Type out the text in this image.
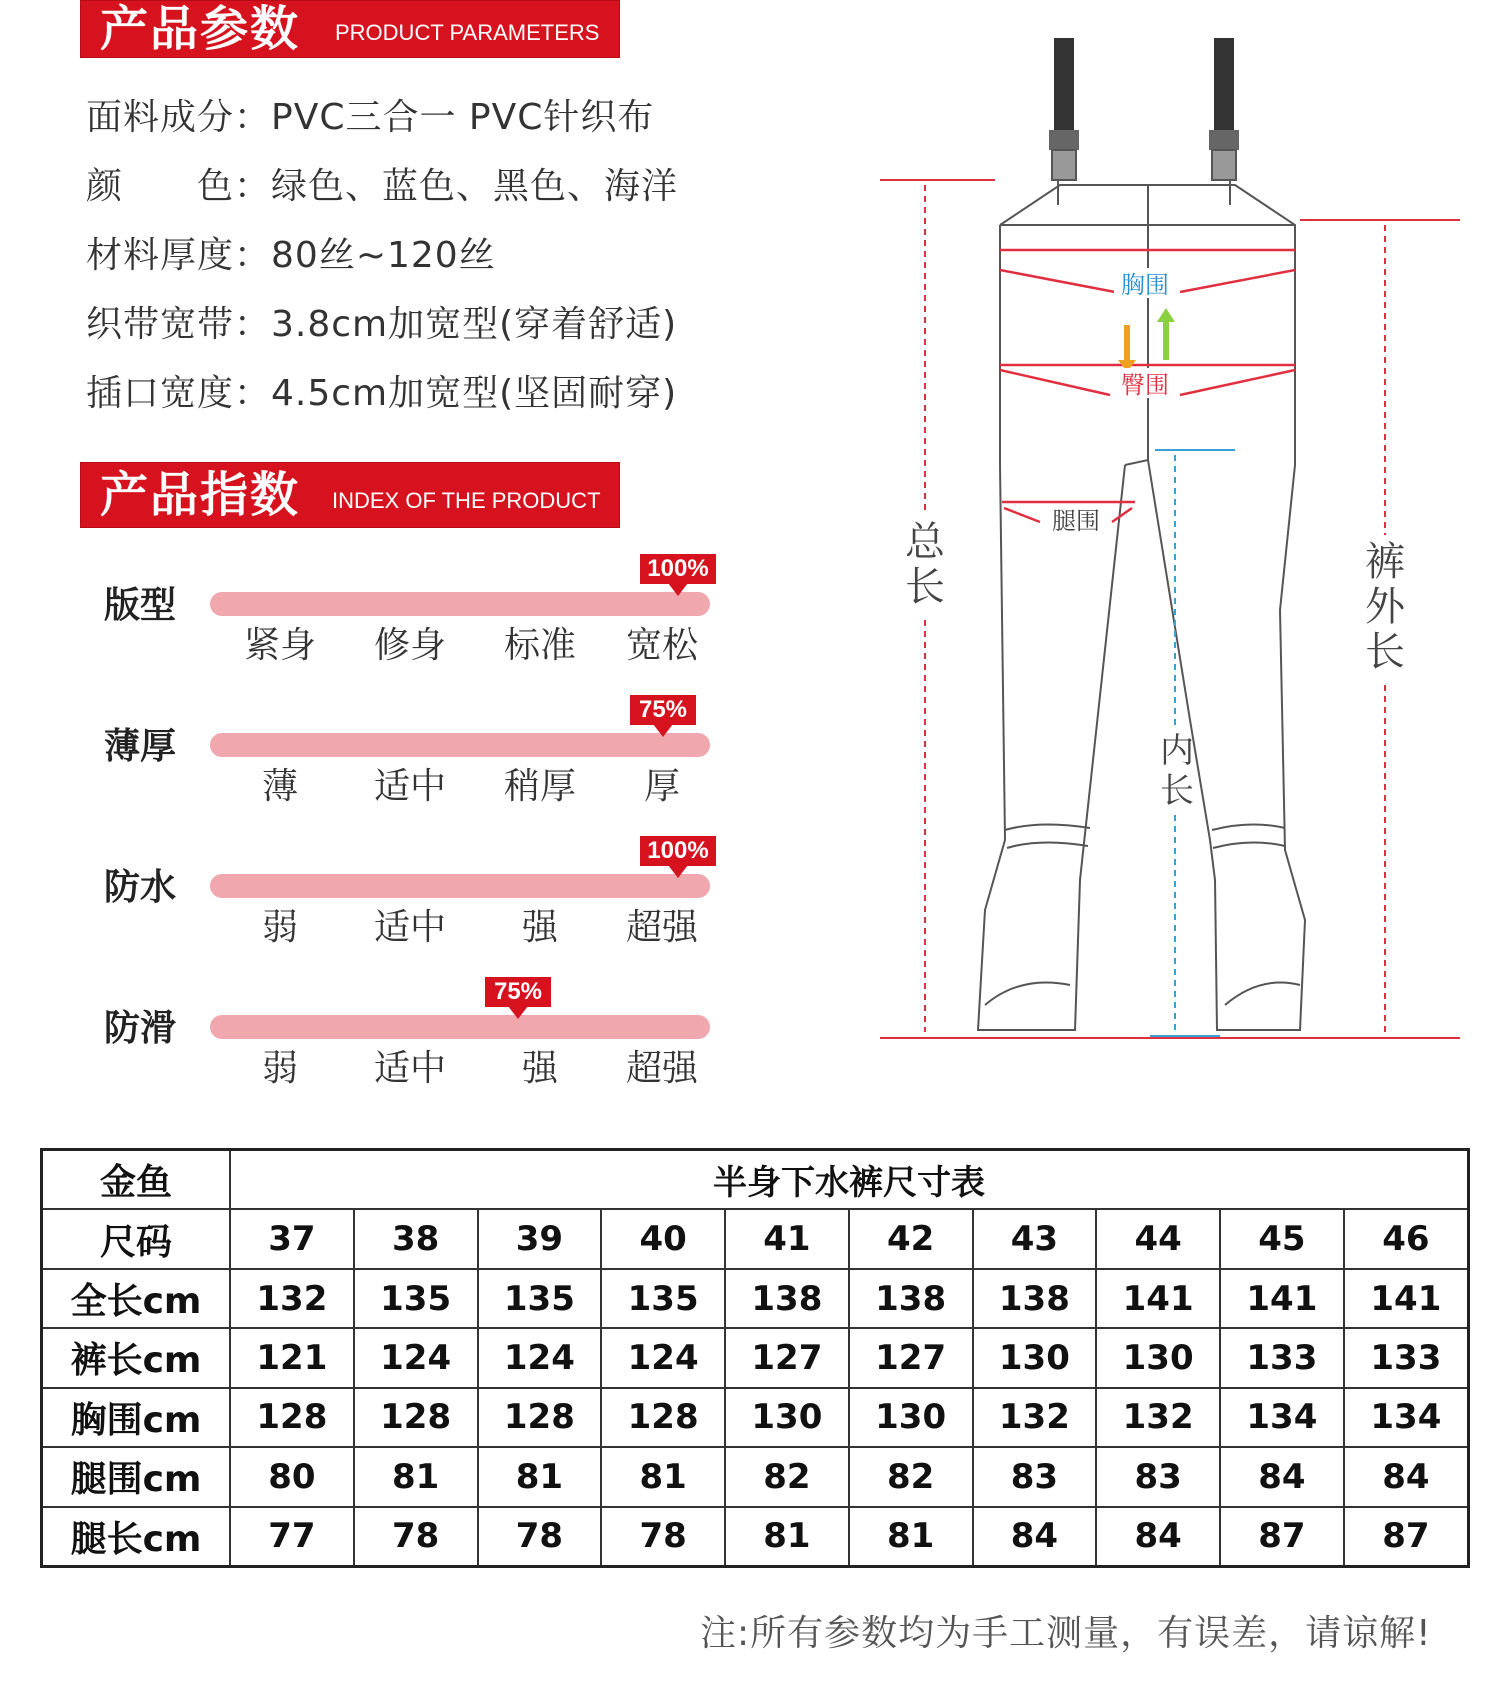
产品参数 PRODUCT PARAMETERS
面料成分：PVC三合一 PVC针织布
颜　　色：绿色、蓝色、黑色、海洋
材料厚度：80丝~120丝
织带宽带：3.8cm加宽型(穿着舒适)
插口宽度：4.5cm加宽型(坚固耐穿)
产品指数 INDEX OF THE PRODUCT
版型
100%
紧身	修身	标准	宽松
薄厚
75%
薄	适中	稍厚	厚
防水
100%
弱	适中	强	超强
防滑
75%
弱	适中	强	超强
胸围
臀围
腿围
总
长
裤
外
长
内
长
金鱼	半身下水裤尺寸表									
尺码	37	38	39	40	41	42	43	44	45	46
全长cm	132	135	135	135	138	138	138	141	141	141
裤长cm	121	124	124	124	127	127	130	130	133	133
胸围cm	128	128	128	128	130	130	132	132	134	134
腿围cm	80	81	81	81	82	82	83	83	84	84
腿长cm	77	78	78	78	81	81	84	84	87	87
注:所有参数均为手工测量，有误差，请谅解!
